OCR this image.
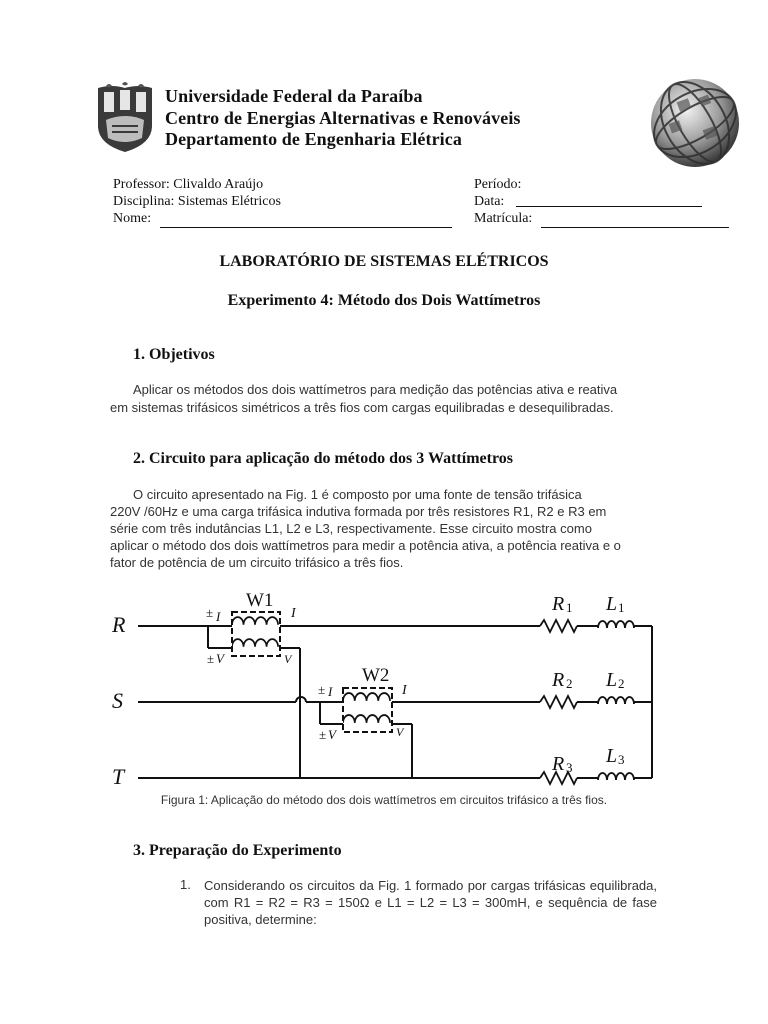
Universidade Federal da Paraíba
Centro de Energias Alternativas e Renováveis
Departamento de Engenharia Elétrica
Professor: Clivaldo Araújo
Disciplina: Sistemas Elétricos
Nome:
Período:
Data:
Matrícula:
LABORATÓRIO DE SISTEMAS ELÉTRICOS
Experimento 4: Método dos Dois Wattímetros
1. Objetivos
Aplicar os métodos dos dois wattímetros para medição das potências ativa e reativa
em sistemas trifásicos simétricos a três fios com cargas equilibradas e desequilibradas.
2. Circuito para aplicação do método dos 3 Wattímetros
O circuito apresentado na Fig. 1 é composto por uma fonte de tensão trifásica
220V /60Hz e uma carga trifásica indutiva formada por três resistores R1, R2 e R3 em
série com três indutâncias L1, L2 e L3, respectivamente. Esse circuito mostra como
aplicar o método dos dois wattímetros para medir a potência ativa, a potência reativa e o
fator de potência de um circuito trifásico a três fios.
R
S
T
W1
W2
± I	I
± V	V
± I	I
± V	V
R 1 L 1
R 2 L 2
R 3
L 3
Figura 1: Aplicação do método dos dois wattímetros em circuitos trifásico a três fios.
3. Preparação do Experimento
1. Considerando os circuitos da Fig. 1 formado por cargas trifásicas equilibrada, com R1 = R2 = R3 = 150Ω e L1 = L2 = L3 = 300mH, e sequência de fase positiva, determine:
